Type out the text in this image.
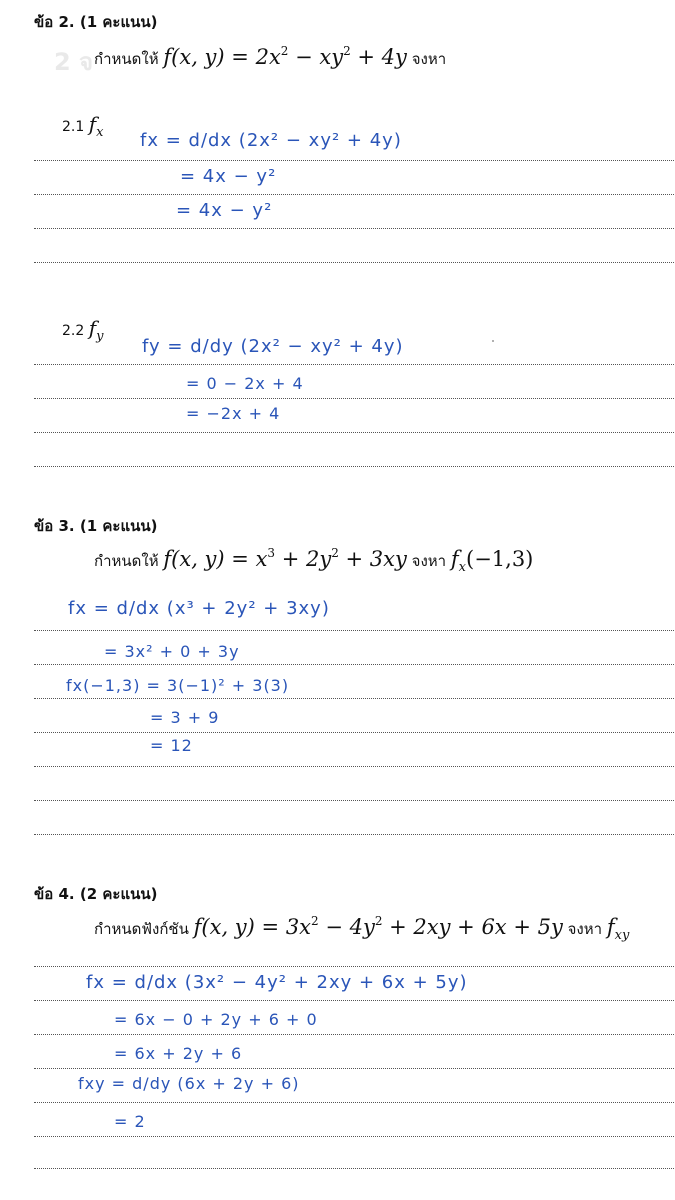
ข้อ 2. (1 คะแนน)
2 จ กำหนดให้ f(x, $y) = 2x^2 - xy^2 + 4y$ จงหา
2.1 $f_x$ fx = d/dx (2x² − xy² + 4y)
= 4x − y²
= 4x − y²
2.2 $f_y$ fy = d/dy (2x² − xy² + 4y)
= 0 − 2x + 4
= −2x + 4
ข้อ 3. (1 คะแนน)
กำหนดให้ f(x, $y) = x^3 + 2y^2 + 3xy$ จงหา $f_x(-1,3)$
fx = d/dx (x³ + 2y² + 3xy)
= 3x² + 0 + 3y
fx(−1,3) = 3(−1)² + 3(3)
= 3 + 9
= 12
ข้อ 4. (2 คะแนน)
กำหนดฟังก์ชัน f(x, $y) = 3x^2 - 4y^2 + 2xy + 6x + 5y$ จงหา $f_{xy}$
fx = d/dx (3x² − 4y² + 2xy + 6x + 5y)
= 6x − 0 + 2y + 6 + 0
= 6x + 2y + 6
fxy = d/dy (6x + 2y + 6)
= 2
